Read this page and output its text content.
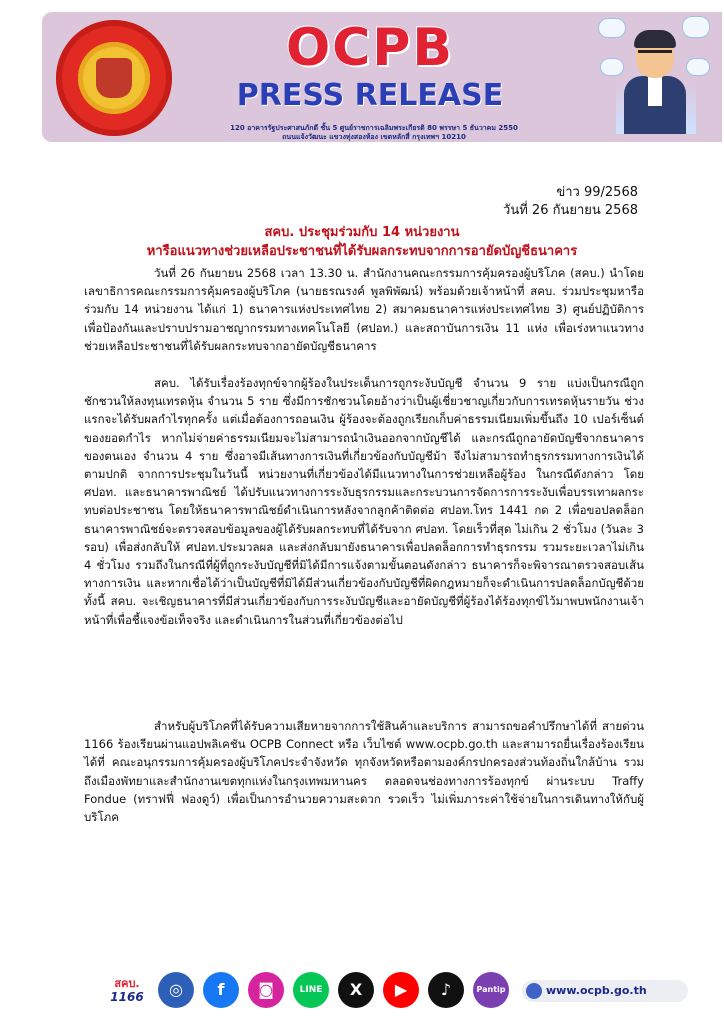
OCPB
PRESS RELEASE
120 อาคารรัฐประศาสนภักดี ชั้น 5 ศูนย์ราชการเฉลิมพระเกียรติ 80 พรรษา 5 ธันวาคม 2550
ถนนแจ้งวัฒนะ แขวงทุ่งสองห้อง เขตหลักสี่ กรุงเทพฯ 10210
ข่าว 99/2568
วันที่ 26 กันยายน 2568
สคบ. ประชุมร่วมกับ 14 หน่วยงาน
หารือแนวทางช่วยเหลือประชาชนที่ได้รับผลกระทบจากการอายัดบัญชีธนาคาร
วันที่ 26 กันยายน 2568 เวลา 13.30 น. สำนักงานคณะกรรมการคุ้มครองผู้บริโภค (สคบ.) นำโดยเลขาธิการคณะกรรมการคุ้มครองผู้บริโภค (นายธรณรงค์ พูลพิพัฒน์) พร้อมด้วยเจ้าหน้าที่ สคบ. ร่วมประชุมหารือร่วมกับ 14 หน่วยงาน ได้แก่ 1) ธนาคารแห่งประเทศไทย 2) สมาคมธนาคารแห่งประเทศไทย 3) ศูนย์ปฏิบัติการเพื่อป้องกันและปราบปรามอาชญากรรมทางเทคโนโลยี (ศปอท.) และสถาบันการเงิน 11 แห่ง เพื่อเร่งหาแนวทางช่วยเหลือประชาชนที่ได้รับผลกระทบจากอายัดบัญชีธนาคาร
สคบ. ได้รับเรื่องร้องทุกข์จากผู้ร้องในประเด็นการถูกระงับบัญชี จำนวน 9 ราย แบ่งเป็นกรณีถูกชักชวนให้ลงทุนเทรดหุ้น จำนวน 5 ราย ซึ่งมีการชักชวนโดยอ้างว่าเป็นผู้เชี่ยวชาญเกี่ยวกับการเทรดหุ้นรายวัน ช่วงแรกจะได้รับผลกำไรทุกครั้ง แต่เมื่อต้องการถอนเงิน ผู้ร้องจะต้องถูกเรียกเก็บค่าธรรมเนียมเพิ่มขึ้นถึง 10 เปอร์เซ็นต์ ของยอดกำไร หากไม่จ่ายค่าธรรมเนียมจะไม่สามารถนำเงินออกจากบัญชีได้ และกรณีถูกอายัดบัญชีจากธนาคารของตนเอง จำนวน 4 ราย ซึ่งอาจมีเส้นทางการเงินที่เกี่ยวข้องกับบัญชีม้า จึงไม่สามารถทำธุรกรรมทางการเงินได้ตามปกติ จากการประชุมในวันนี้ หน่วยงานที่เกี่ยวข้องได้มีแนวทางในการช่วยเหลือผู้ร้อง ในกรณีดังกล่าว โดย ศปอท. และธนาคารพาณิชย์ ได้ปรับแนวทางการระงับธุรกรรมและกระบวนการจัดการการระงับเพื่อบรรเทาผลกระทบต่อประชาชน โดยให้ธนาคารพาณิชย์ดำเนินการหลังจากลูกค้าติดต่อ ศปอท.โทร 1441 กด 2 เพื่อขอปลดล็อก ธนาคารพาณิชย์จะตรวจสอบข้อมูลของผู้ได้รับผลกระทบที่ได้รับจาก ศปอท. โดยเร็วที่สุด ไม่เกิน 2 ชั่วโมง (วันละ 3 รอบ) เพื่อส่งกลับให้ ศปอท.ประมวลผล และส่งกลับมายังธนาคารเพื่อปลดล็อกการทำธุรกรรม รวมระยะเวลาไม่เกิน 4 ชั่วโมง รวมถึงในกรณีที่ผู้ที่ถูกระงับบัญชีที่มิได้มีการแจ้งตามขั้นตอนดังกล่าว ธนาคารก็จะพิจารณาตรวจสอบเส้นทางการเงิน และหากเชื่อได้ว่าเป็นบัญชีที่มิได้มีส่วนเกี่ยวข้องกับบัญชีที่ผิดกฎหมายก็จะดำเนินการปลดล็อกบัญชีด้วย ทั้งนี้ สคบ. จะเชิญธนาคารที่มีส่วนเกี่ยวข้องกับการระงับบัญชีและอายัดบัญชีที่ผู้ร้องได้ร้องทุกข์ไว้มาพบพนักงานเจ้าหน้าที่เพื่อชี้แจงข้อเท็จจริง และดำเนินการในส่วนที่เกี่ยวข้องต่อไป
สำหรับผู้บริโภคที่ได้รับความเสียหายจากการใช้สินค้าและบริการ สามารถขอคำปรึกษาได้ที่ สายด่วน 1166 ร้องเรียนผ่านแอปพลิเคชัน OCPB Connect หรือ เว็บไซต์ www.ocpb.go.th และสามารถยื่นเรื่องร้องเรียนได้ที่ คณะอนุกรรมการคุ้มครองผู้บริโภคประจำจังหวัด ทุกจังหวัดหรือตามองค์กรปกครองส่วนท้องถิ่นใกล้บ้าน รวมถึงเมืองพัทยาและสำนักงานเขตทุกแห่งในกรุงเทพมหานคร ตลอดจนช่องทางการร้องทุกข์ ผ่านระบบ Traffy Fondue (ทราฟฟี่ ฟองดูว์) เพื่อเป็นการอำนวยความสะดวก รวดเร็ว ไม่เพิ่มภาระค่าใช้จ่ายในการเดินทางให้กับผู้บริโภค
สคบ.
1166	◎	f	◙	LINE	X	▶	♪	Pantip	www.ocpb.go.th
